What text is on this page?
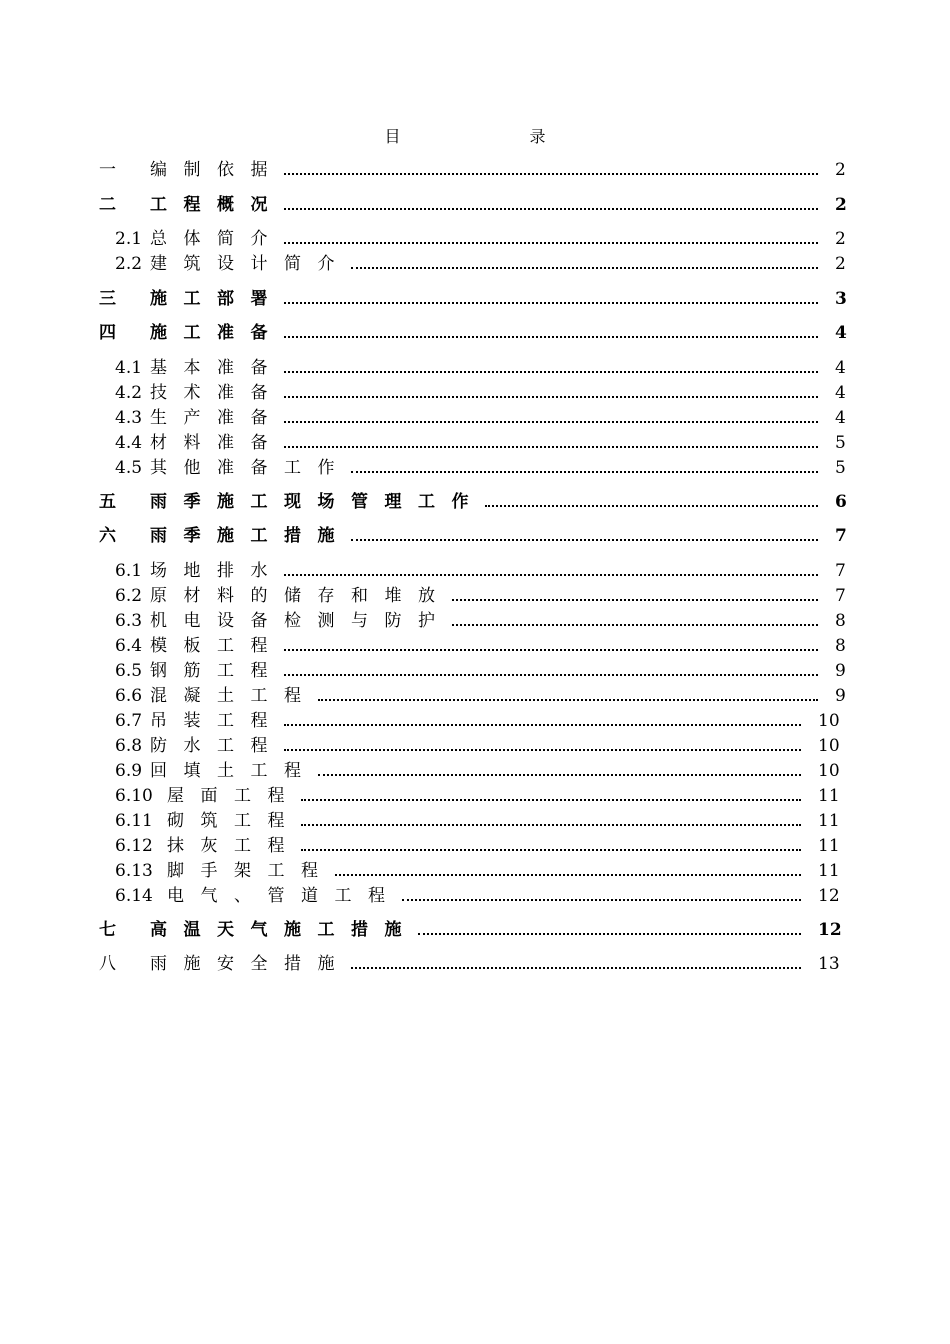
目 录
一 编制依据	2
二 工程概况	2
2.1 总体简介	2
2.2 建筑设计简介	2
三 施工部署	3
四 施工准备	4
4.1 基本准备	4
4.2 技术准备	4
4.3 生产准备	4
4.4 材料准备	5
4.5 其他准备工作	5
五 雨季施工现场管理工作	6
六 雨季施工措施	7
6.1 场地排水	7
6.2 原材料的储存和堆放	7
6.3 机电设备检测与防护	8
6.4 模板工程	8
6.5 钢筋工程	9
6.6 混凝土工程	9
6.7 吊装工程	10
6.8 防水工程	10
6.9 回填土工程	10
6.10 屋面工程	11
6.11 砌筑工程	11
6.12 抹灰工程	11
6.13 脚手架工程	11
6.14 电气、管道工程	12
七 高温天气施工措施	12
八 雨施安全措施	13
